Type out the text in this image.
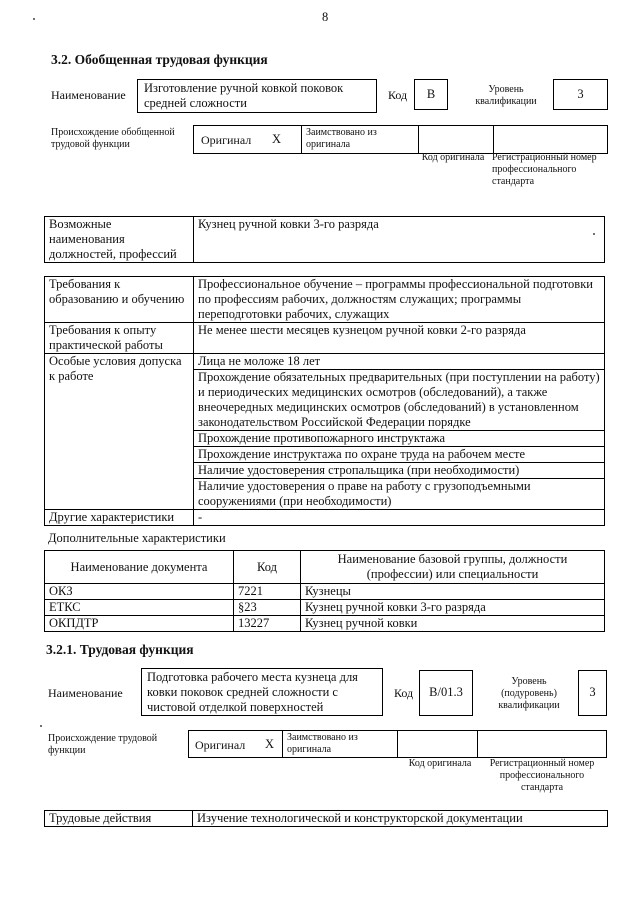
8
3.2. Обобщенная трудовая функция
Наименование	Изготовление ручной ковкой поковок средней сложности
Код	В	Уровень квалификации
3
Происхождение обобщенной трудовой функции	Оригинал X Заимствовано из оригинала
Код оригинала Регистрационный номер профессионального стандарта
Возможные наименования должностей, профессий	Кузнец ручной ковки 3-го разряда
Требования к образованию и обучению	Профессиональное обучение – программы профессиональной подготовки по профессиям рабочих, должностям служащих; программы переподготовки рабочих, служащих
Требования к опыту практической работы	Не менее шести месяцев кузнецом ручной ковки 2-го разряда
Особые условия допуска к работе	Лица не моложе 18 лет
	Прохождение обязательных предварительных (при поступлении на работу) и периодических медицинских осмотров (обследований), а также внеочередных медицинских осмотров (обследований) в установленном законодательством Российской Федерации порядке
	Прохождение противопожарного инструктажа
	Прохождение инструктажа по охране труда на рабочем месте
	Наличие удостоверения стропальщика (при необходимости)
	Наличие удостоверения о праве на работу с грузоподъемными сооружениями (при необходимости)
Другие характеристики	-
Дополнительные характеристики
Наименование документа	Код	Наименование базовой группы, должности (профессии) или специальности
ОКЗ	7221	Кузнецы
ЕТКС	§23	Кузнец ручной ковки 3-го разряда
ОКПДТР	13227	Кузнец ручной ковки
3.2.1. Трудовая функция
Наименование
Подготовка рабочего места кузнеца для ковки поковок средней сложности с чистовой отделкой поверхностей
Код	В/01.3
Уровень (подуровень) квалификации
3
Происхождение трудовой функции	Оригинал X Заимствовано из оригинала
Код оригинала	Регистрационный номер профессионального стандарта
Трудовые действия	Изучение технологической и конструкторской документации
